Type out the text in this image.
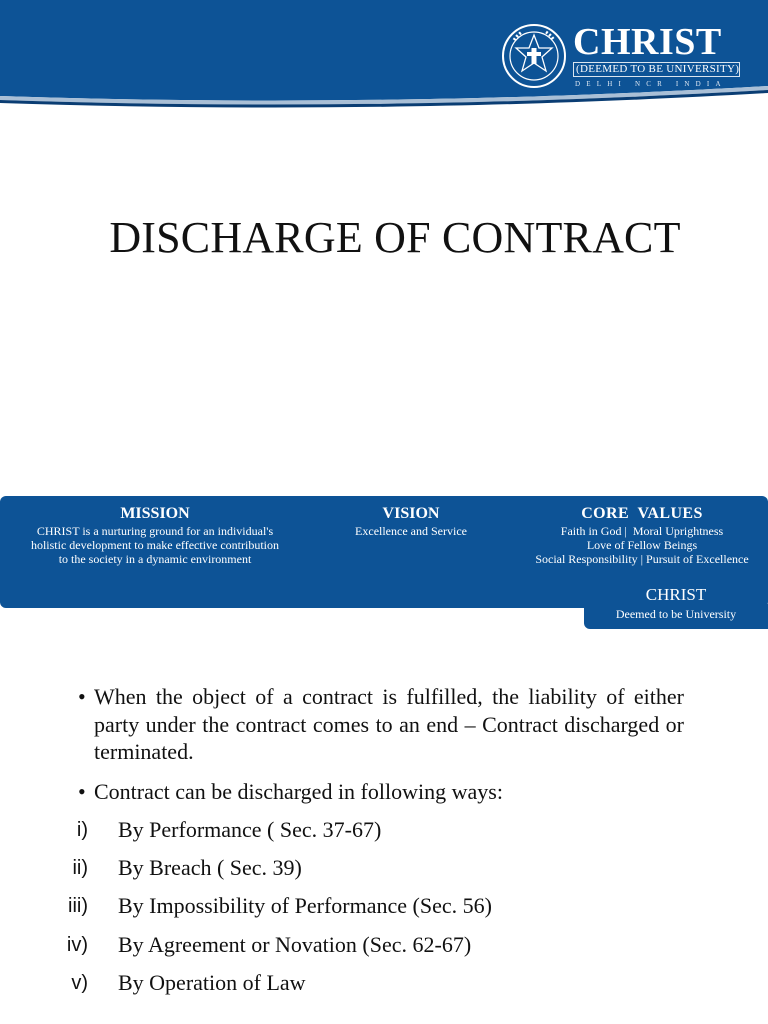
CHRIST
(DEEMED TO BE UNIVERSITY)
DELHI NCR INDIA
DISCHARGE OF CONTRACT
MISSION
CHRIST is a nurturing ground for an individual's
holistic development to make effective contribution
to the society in a dynamic environment
VISION
Excellence and Service
CORE  VALUES
Faith in God |  Moral Uprightness
Love of Fellow Beings
Social Responsibility | Pursuit of Excellence
CHRIST
Deemed to be University
• When the object of a contract is fulfilled, the liability of either party under the contract comes to an end – Contract discharged or terminated.
• Contract can be discharged in following ways:
i) By Performance ( Sec. 37-67)
ii) By Breach ( Sec. 39)
iii) By Impossibility of Performance (Sec. 56)
iv) By Agreement or Novation (Sec. 62-67)
v) By Operation of Law
